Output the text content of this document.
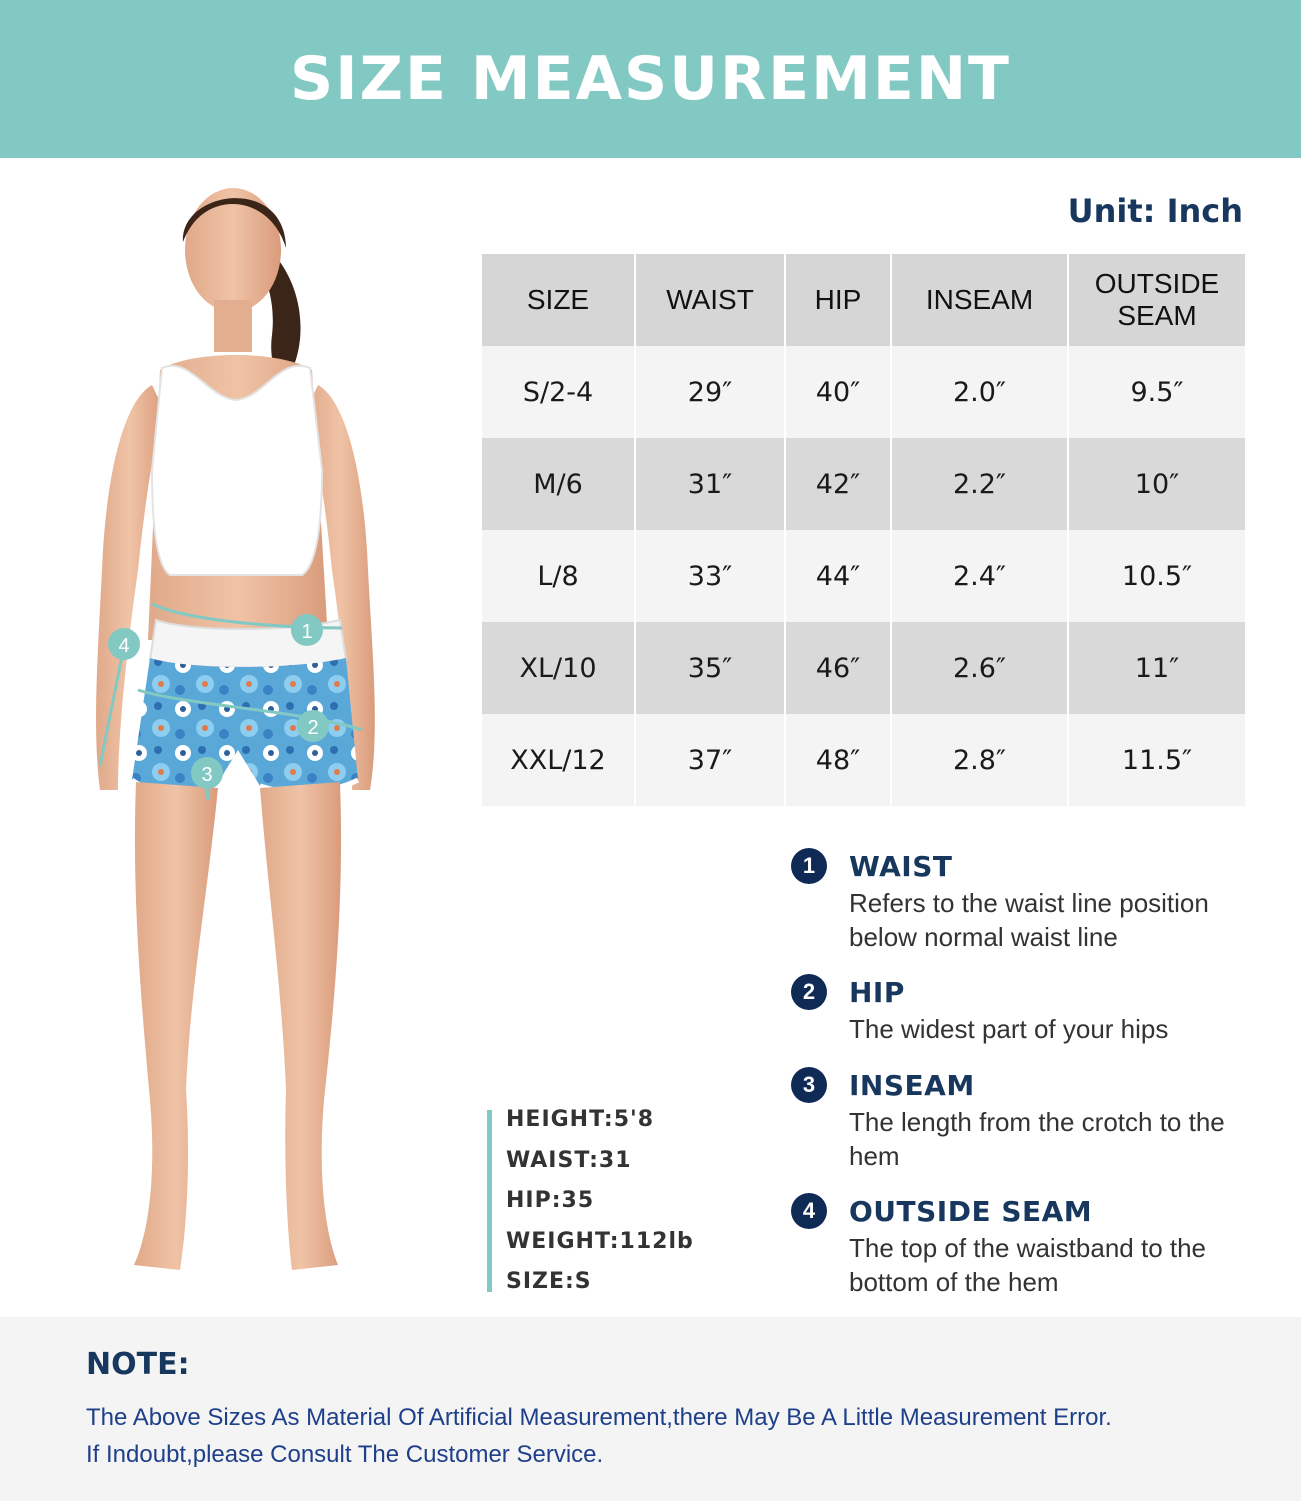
SIZE MEASUREMENT
1
2
3
4
Unit: Inch
SIZE	WAIST	HIP	INSEAM	OUTSIDE SEAM
S/2-4	29″	40″	2.0″	9.5″
M/6	31″	42″	2.2″	10″
L/8	33″	44″	2.4″	10.5″
XL/10	35″	46″	2.6″	11″
XXL/12	37″	48″	2.8″	11.5″
HEIGHT:5'8
WAIST:31
HIP:35
WEIGHT:112lb
SIZE:S
1	WAIST
Refers to the waist line position below normal waist line
2	HIP
The widest part of your hips
3	INSEAM
The length from the crotch to the hem
4	OUTSIDE SEAM
The top of the waistband to the bottom of the hem
NOTE:
The Above Sizes As Material Of Artificial Measurement,there May Be A Little Measurement Error.
If Indoubt,please Consult The Customer Service.
